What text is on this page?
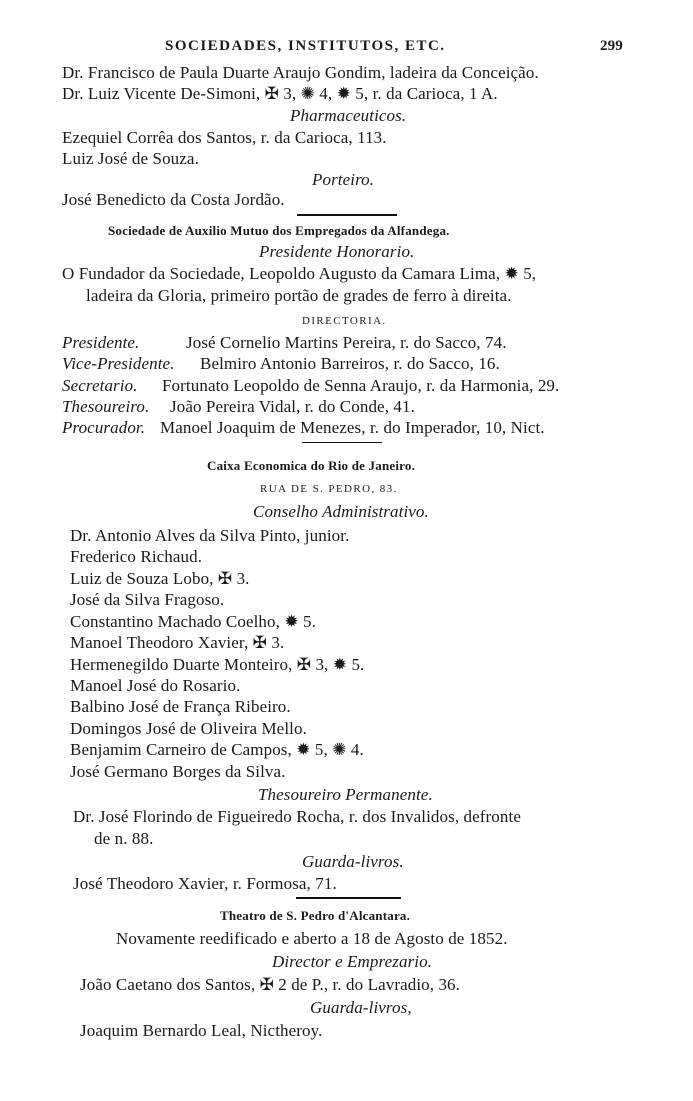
SOCIEDADES, INSTITUTOS, ETC.	299
Dr. Francisco de Paula Duarte Araujo Gondim, ladeira da Conceição.
Dr. Luiz Vicente De-Simoni, ✠ 3, ✺ 4, ✹ 5, r. da Carioca, 1 A.
Pharmaceuticos.
Ezequiel Corrêa dos Santos, r. da Carioca, 113.
Luiz José de Souza.
Porteiro.
José Benedicto da Costa Jordão.
Sociedade de Auxilio Mutuo dos Empregados da Alfandega.
Presidente Honorario.
O Fundador da Sociedade, Leopoldo Augusto da Camara Lima, ✹ 5,
ladeira da Gloria, primeiro portão de grades de ferro à direita.
DIRECTORIA.
Presidente.	José Cornelio Martins Pereira, r. do Sacco, 74.
Vice-Presidente. Belmiro Antonio Barreiros, r. do Sacco, 16.
Secretario. Fortunato Leopoldo de Senna Araujo, r. da Harmonia, 29.
Thesoureiro. João Pereira Vidal, r. do Conde, 41.
Procurador. Manoel Joaquim de Menezes, r. do Imperador, 10, Nict.
Caixa Economica do Rio de Janeiro.
RUA DE S. PEDRO, 83.
Conselho Administrativo.
Dr. Antonio Alves da Silva Pinto, junior.
Frederico Richaud.
Luiz de Souza Lobo, ✠ 3.
José da Silva Fragoso.
Constantino Machado Coelho, ✹ 5.
Manoel Theodoro Xavier, ✠ 3.
Hermenegildo Duarte Monteiro, ✠ 3, ✹ 5.
Manoel José do Rosario.
Balbino José de França Ribeiro.
Domingos José de Oliveira Mello.
Benjamim Carneiro de Campos, ✹ 5, ✺ 4.
José Germano Borges da Silva.
Thesoureiro Permanente.
Dr. José Florindo de Figueiredo Rocha, r. dos Invalidos, defronte
de n. 88.
Guarda-livros.
José Theodoro Xavier, r. Formosa, 71.
Theatro de S. Pedro d'Alcantara.
Novamente reedificado e aberto a 18 de Agosto de 1852.
Director e Emprezario.
João Caetano dos Santos, ✠ 2 de P., r. do Lavradio, 36.
Guarda-livros,
Joaquim Bernardo Leal, Nictheroy.
